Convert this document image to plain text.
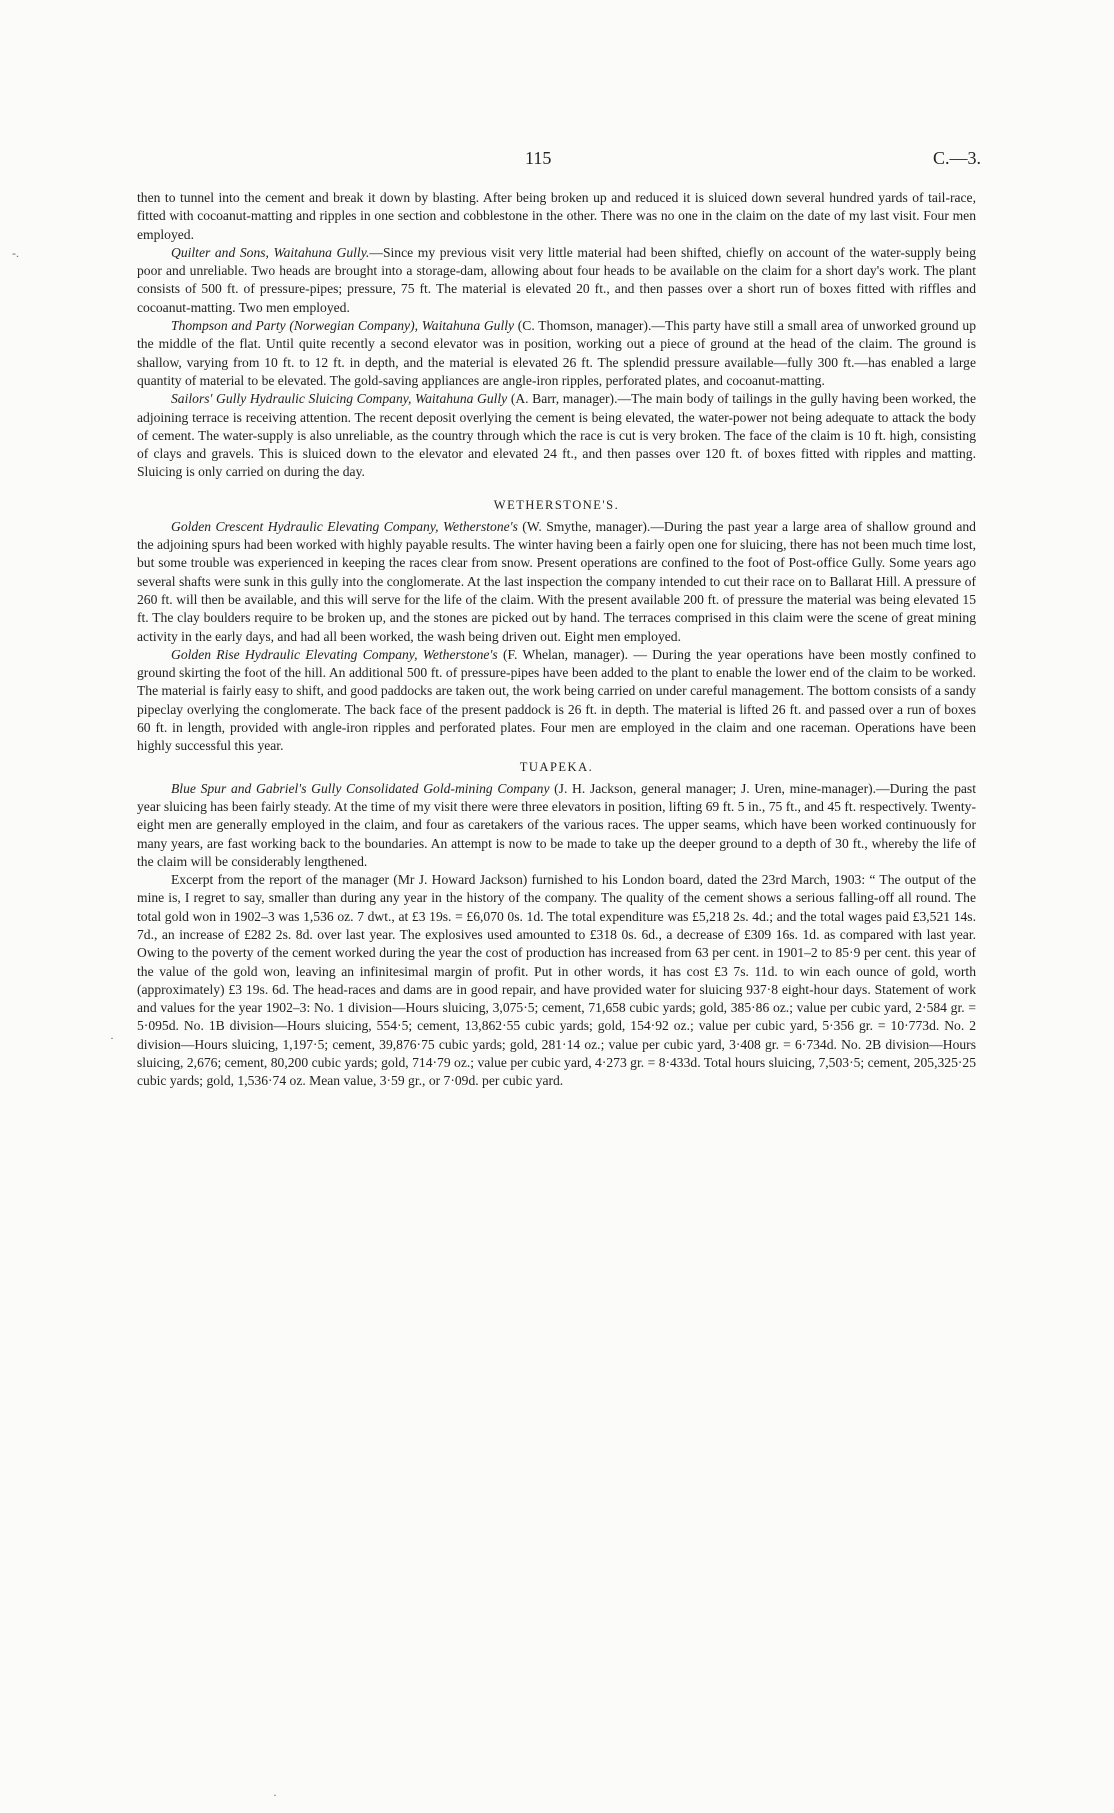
115	C.—3.
-.
·
·

then to tunnel into the cement and break it down by blasting. After being broken up and reduced it is sluiced down several hundred yards of tail-race, fitted with cocoanut-matting and ripples in one section and cobblestone in the other. There was no one in the claim on the date of my last visit. Four men employed.

Quilter and Sons, Waitahuna Gully.—Since my previous visit very little material had been shifted, chiefly on account of the water-supply being poor and unreliable. Two heads are brought into a storage-dam, allowing about four heads to be available on the claim for a short day's work. The plant consists of 500 ft. of pressure-pipes; pressure, 75 ft. The material is elevated 20 ft., and then passes over a short run of boxes fitted with riffles and cocoanut-matting. Two men employed.

Thompson and Party (Norwegian Company), Waitahuna Gully (C. Thomson, manager).—This party have still a small area of unworked ground up the middle of the flat. Until quite recently a second elevator was in position, working out a piece of ground at the head of the claim. The ground is shallow, varying from 10 ft. to 12 ft. in depth, and the material is elevated 26 ft. The splendid pressure available—fully 300 ft.—has enabled a large quantity of material to be elevated. The gold-saving appliances are angle-iron ripples, perforated plates, and cocoanut-matting.

Sailors' Gully Hydraulic Sluicing Company, Waitahuna Gully (A. Barr, manager).—The main body of tailings in the gully having been worked, the adjoining terrace is receiving attention. The recent deposit overlying the cement is being elevated, the water-power not being adequate to attack the body of cement. The water-supply is also unreliable, as the country through which the race is cut is very broken. The face of the claim is 10 ft. high, consisting of clays and gravels. This is sluiced down to the elevator and elevated 24 ft., and then passes over 120 ft. of boxes fitted with ripples and matting. Sluicing is only carried on during the day.

WETHERSTONE'S.

Golden Crescent Hydraulic Elevating Company, Wetherstone's (W. Smythe, manager).—During the past year a large area of shallow ground and the adjoining spurs had been worked with highly payable results. The winter having been a fairly open one for sluicing, there has not been much time lost, but some trouble was experienced in keeping the races clear from snow. Present operations are confined to the foot of Post-office Gully. Some years ago several shafts were sunk in this gully into the conglomerate. At the last inspection the company intended to cut their race on to Ballarat Hill. A pressure of 260 ft. will then be available, and this will serve for the life of the claim. With the present available 200 ft. of pressure the material was being elevated 15 ft. The clay boulders require to be broken up, and the stones are picked out by hand. The terraces comprised in this claim were the scene of great mining activity in the early days, and had all been worked, the wash being driven out. Eight men employed.

Golden Rise Hydraulic Elevating Company, Wetherstone's (F. Whelan, manager). — During the year operations have been mostly confined to ground skirting the foot of the hill. An additional 500 ft. of pressure-pipes have been added to the plant to enable the lower end of the claim to be worked. The material is fairly easy to shift, and good paddocks are taken out, the work being carried on under careful management. The bottom consists of a sandy pipeclay overlying the conglomerate. The back face of the present paddock is 26 ft. in depth. The material is lifted 26 ft. and passed over a run of boxes 60 ft. in length, provided with angle-iron ripples and perforated plates. Four men are employed in the claim and one raceman. Operations have been highly successful this year.

TUAPEKA.

Blue Spur and Gabriel's Gully Consolidated Gold-mining Company (J. H. Jackson, general manager; J. Uren, mine-manager).—During the past year sluicing has been fairly steady. At the time of my visit there were three elevators in position, lifting 69 ft. 5 in., 75 ft., and 45 ft. respectively. Twenty-eight men are generally employed in the claim, and four as caretakers of the various races. The upper seams, which have been worked continuously for many years, are fast working back to the boundaries. An attempt is now to be made to take up the deeper ground to a depth of 30 ft., whereby the life of the claim will be considerably lengthened.

Excerpt from the report of the manager (Mr J. Howard Jackson) furnished to his London board, dated the 23rd March, 1903: “ The output of the mine is, I regret to say, smaller than during any year in the history of the company. The quality of the cement shows a serious falling-off all round. The total gold won in 1902–3 was 1,536 oz. 7 dwt., at £3 19s. = £6,070 0s. 1d. The total expenditure was £5,218 2s. 4d.; and the total wages paid £3,521 14s. 7d., an increase of £282 2s. 8d. over last year. The explosives used amounted to £318 0s. 6d., a decrease of £309 16s. 1d. as compared with last year. Owing to the poverty of the cement worked during the year the cost of production has increased from 63 per cent. in 1901–2 to 85·9 per cent. this year of the value of the gold won, leaving an infinitesimal margin of profit. Put in other words, it has cost £3 7s. 11d. to win each ounce of gold, worth (approximately) £3 19s. 6d. The head-races and dams are in good repair, and have provided water for sluicing 937·8 eight-hour days. Statement of work and values for the year 1902–3: No. 1 division—Hours sluicing, 3,075·5; cement, 71,658 cubic yards; gold, 385·86 oz.; value per cubic yard, 2·584 gr. = 5·095d. No. 1B division—Hours sluicing, 554·5; cement, 13,862·55 cubic yards; gold, 154·92 oz.; value per cubic yard, 5·356 gr. = 10·773d. No. 2 division—Hours sluicing, 1,197·5; cement, 39,876·75 cubic yards; gold, 281·14 oz.; value per cubic yard, 3·408 gr. = 6·734d. No. 2B division—Hours sluicing, 2,676; cement, 80,200 cubic yards; gold, 714·79 oz.; value per cubic yard, 4·273 gr. = 8·433d. Total hours sluicing, 7,503·5; cement, 205,325·25 cubic yards; gold, 1,536·74 oz. Mean value, 3·59 gr., or 7·09d. per cubic yard.
